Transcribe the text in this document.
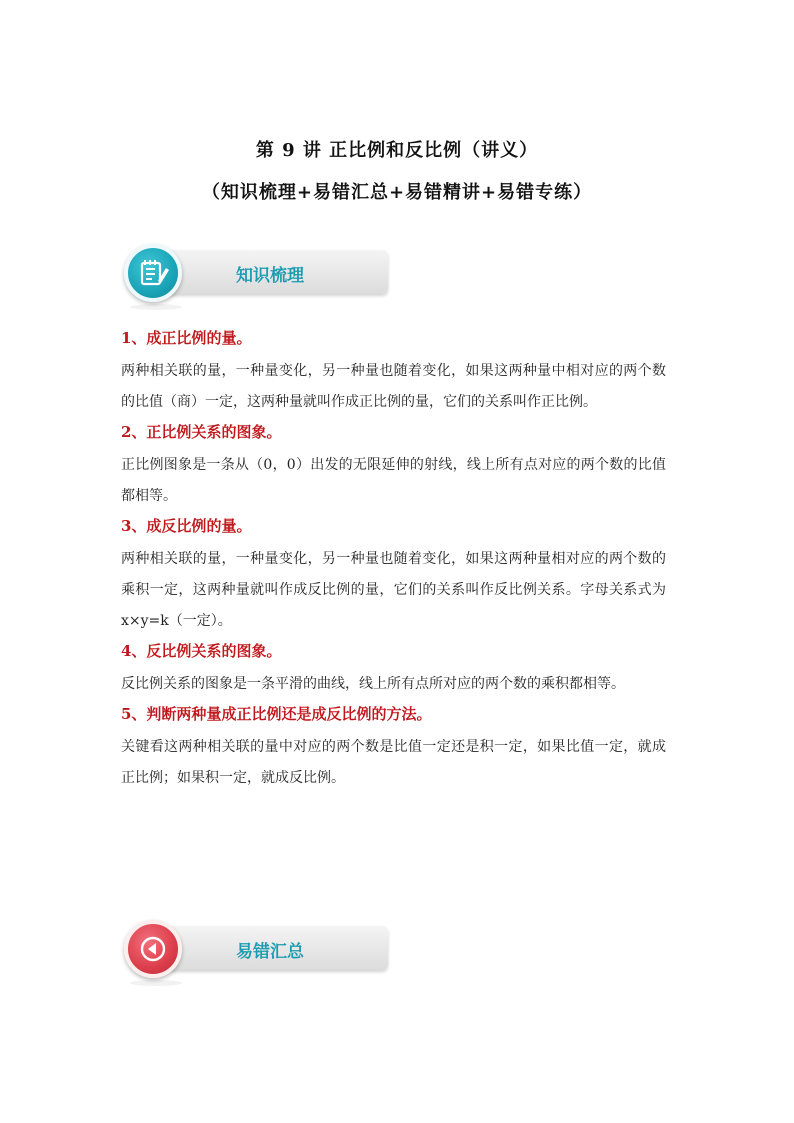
第 9 讲 正比例和反比例（讲义）
（知识梳理+易错汇总+易错精讲+易错专练）
知识梳理
1、成正比例的量。
两种相关联的量，一种量变化，另一种量也随着变化，如果这两种量中相对应的两个数的比值（商）一定，这两种量就叫作成正比例的量，它们的关系叫作正比例。
2、正比例关系的图象。
正比例图象是一条从（0，0）出发的无限延伸的射线，线上所有点对应的两个数的比值都相等。
3、成反比例的量。
两种相关联的量，一种量变化，另一种量也随着变化，如果这两种量相对应的两个数的乘积一定，这两种量就叫作成反比例的量，它们的关系叫作反比例关系。字母关系式为 x×y=k（一定）。
4、反比例关系的图象。
反比例关系的图象是一条平滑的曲线，线上所有点所对应的两个数的乘积都相等。
5、判断两种量成正比例还是成反比例的方法。
关键看这两种相关联的量中对应的两个数是比值一定还是积一定，如果比值一定，就成正比例；如果积一定，就成反比例。
易错汇总
